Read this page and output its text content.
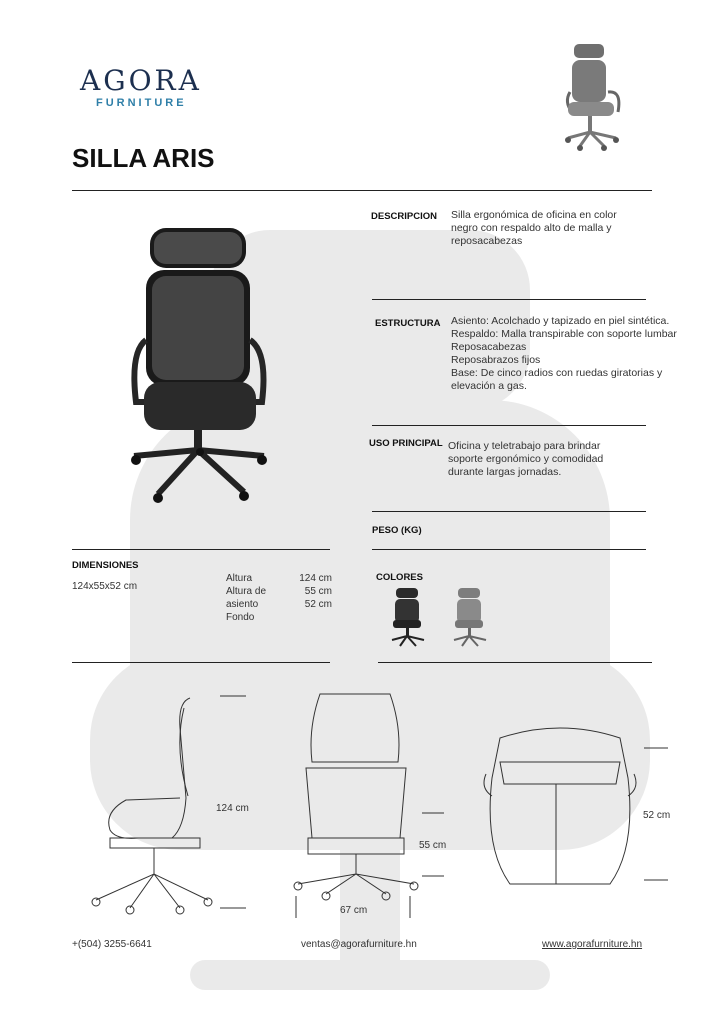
AGORA
FURNITURE
SILLA ARIS
DESCRIPCION Silla ergonómica de oficina en color
negro con respaldo alto de malla y
reposacabezas
ESTRUCTURA Asiento: Acolchado y tapizado en piel sintética.
Respaldo: Malla transpirable con soporte lumbar
Reposacabezas
Reposabrazos fijos
Base: De cinco radios con ruedas giratorias y
elevación a gas.
USO PRINCIPAL Oficina y teletrabajo para brindar
soporte ergonómico y comodidad
durante largas jornadas.
PESO (KG)
DIMENSIONES
124x55x52 cm
Altura
Altura de
asiento
Fondo
124 cm
55 cm
52 cm
COLORES
124 cm
55 cm
67 cm
52 cm
+(504) 3255-6641	ventas@agorafurniture.hn	www.agorafurniture.hn
